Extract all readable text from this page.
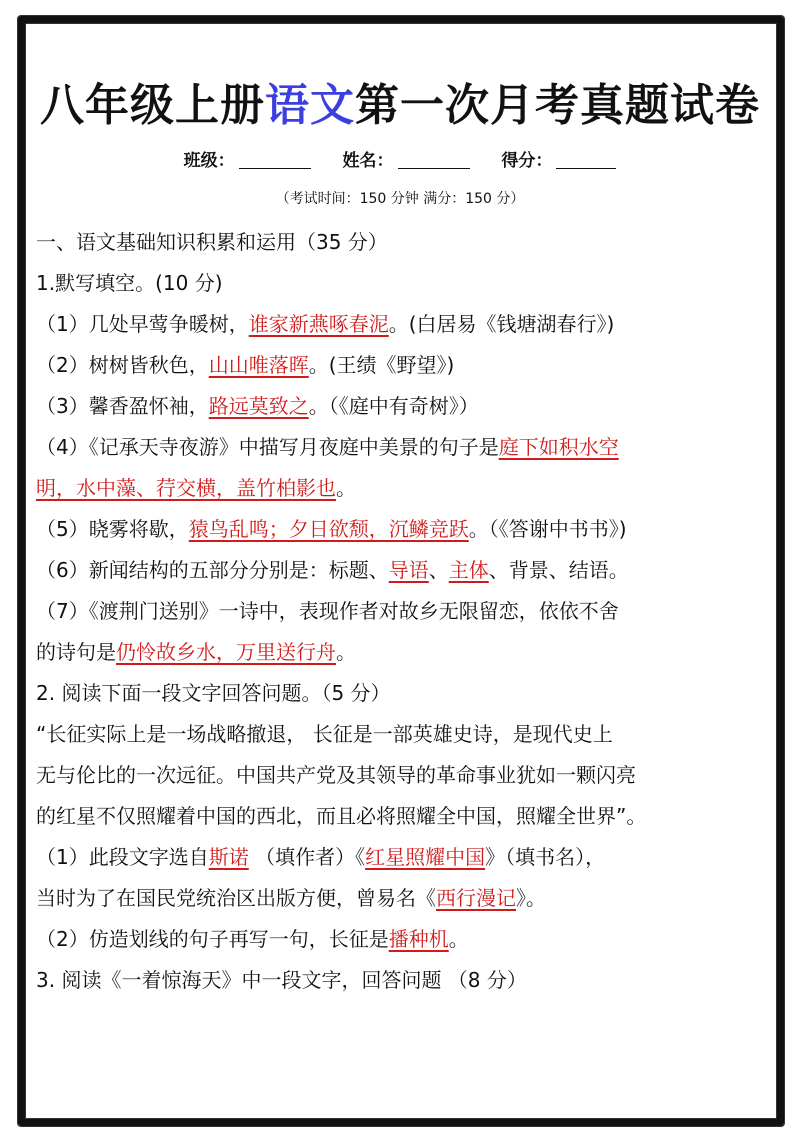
八年级上册语文第一次月考真题试卷
班级：	姓名：	得分：
（考试时间：150 分钟 满分：150 分）
一、语文基础知识积累和运用（35 分）
1.默写填空。(10 分)
（1）几处早莺争暖树，谁家新燕啄春泥。(白居易《钱塘湖春行》)
（2）树树皆秋色，山山唯落晖。(王绩《野望》)
（3）馨香盈怀袖，路远莫致之。（《庭中有奇树》）
（4）《记承天寺夜游》中描写月夜庭中美景的句子是庭下如积水空
明，水中藻、荇交横，盖竹柏影也。
（5）晓雾将歇，猿鸟乱鸣；夕日欲颓，沉鳞竞跃。（《答谢中书书》)
（6）新闻结构的五部分分别是：标题、导语、主体、背景、结语。
（7）《渡荆门送别》一诗中，表现作者对故乡无限留恋，依依不舍
的诗句是仍怜故乡水，万里送行舟。
2. 阅读下面一段文字回答问题。（5 分）
“长征实际上是一场战略撤退， 长征是一部英雄史诗，是现代史上
无与伦比的一次远征。中国共产党及其领导的革命事业犹如一颗闪亮
的红星不仅照耀着中国的西北，而且必将照耀全中国，照耀全世界”。
（1）此段文字选自斯诺 （填作者）《红星照耀中国》（填书名），
当时为了在国民党统治区出版方便，曾易名《西行漫记》。
（2）仿造划线的句子再写一句，长征是播种机。
3. 阅读《一着惊海天》中一段文字，回答问题 （8 分）
